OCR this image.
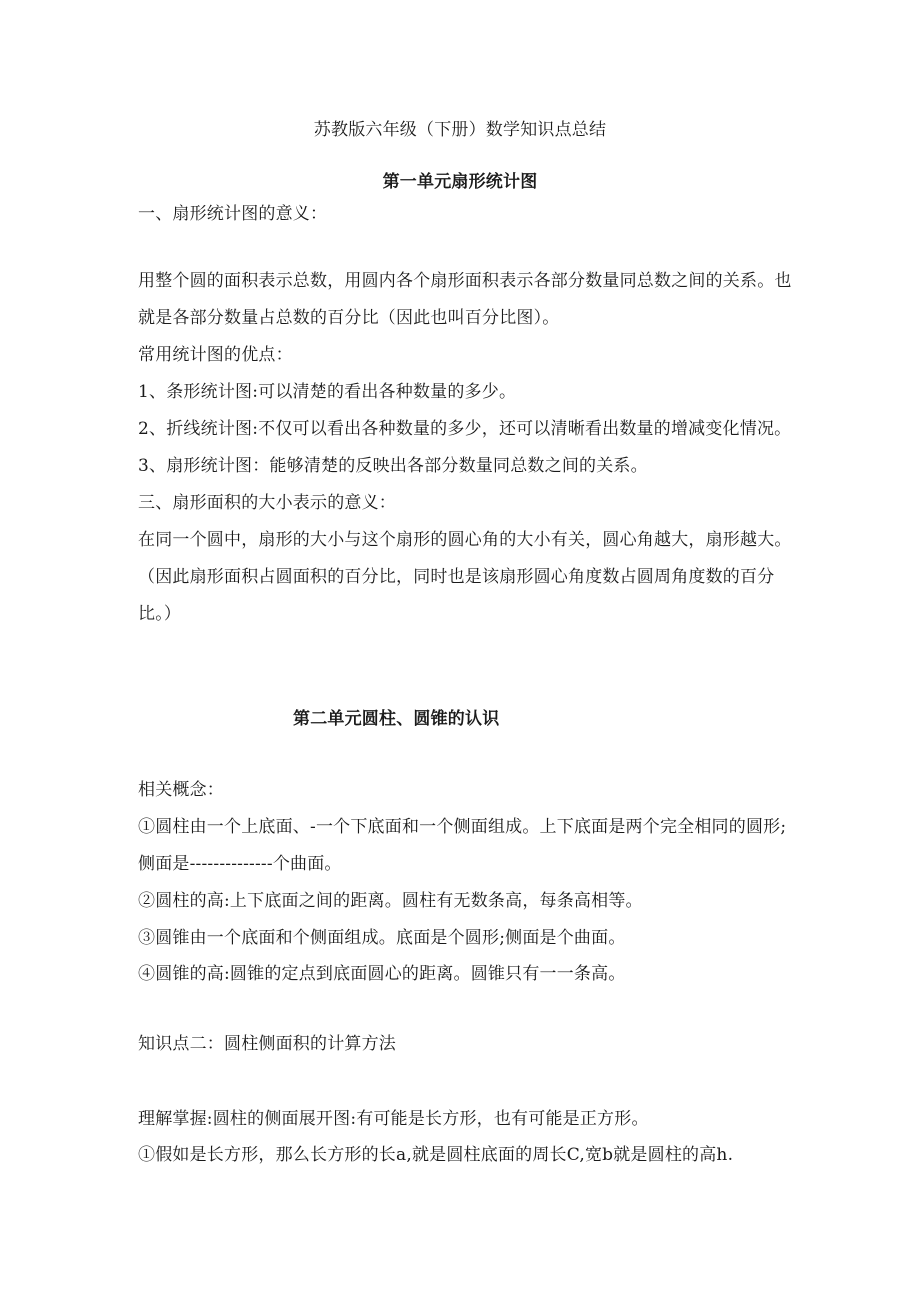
苏教版六年级（下册）数学知识点总结
第一单元扇形统计图
一、扇形统计图的意义：
用整个圆的面积表示总数，用圆内各个扇形面积表示各部分数量同总数之间的关系。也
就是各部分数量占总数的百分比（因此也叫百分比图）。
常用统计图的优点：
1、条形统计图:可以清楚的看出各种数量的多少。
2、折线统计图:不仅可以看出各种数量的多少，还可以清晰看出数量的增减变化情况。
3、扇形统计图：能够清楚的反映出各部分数量同总数之间的关系。
三、扇形面积的大小表示的意义：
在同一个圆中，扇形的大小与这个扇形的圆心角的大小有关，圆心角越大，扇形越大。
（因此扇形面积占圆面积的百分比，同时也是该扇形圆心角度数占圆周角度数的百分
比。）
第二单元圆柱、圆锥的认识
相关概念：
①圆柱由一个上底面、-一个下底面和一个侧面组成。上下底面是两个完全相同的圆形;
侧面是--------------个曲面。
②圆柱的高:上下底面之间的距离。圆柱有无数条高，每条高相等。
③圆锥由一个底面和个侧面组成。底面是个圆形;侧面是个曲面。
④圆锥的高:圆锥的定点到底面圆心的距离。圆锥只有一一条高。
知识点二：圆柱侧面积的计算方法
理解掌握:圆柱的侧面展开图:有可能是长方形，也有可能是正方形。
①假如是长方形，那么长方形的长a,就是圆柱底面的周长C,宽b就是圆柱的高h.
